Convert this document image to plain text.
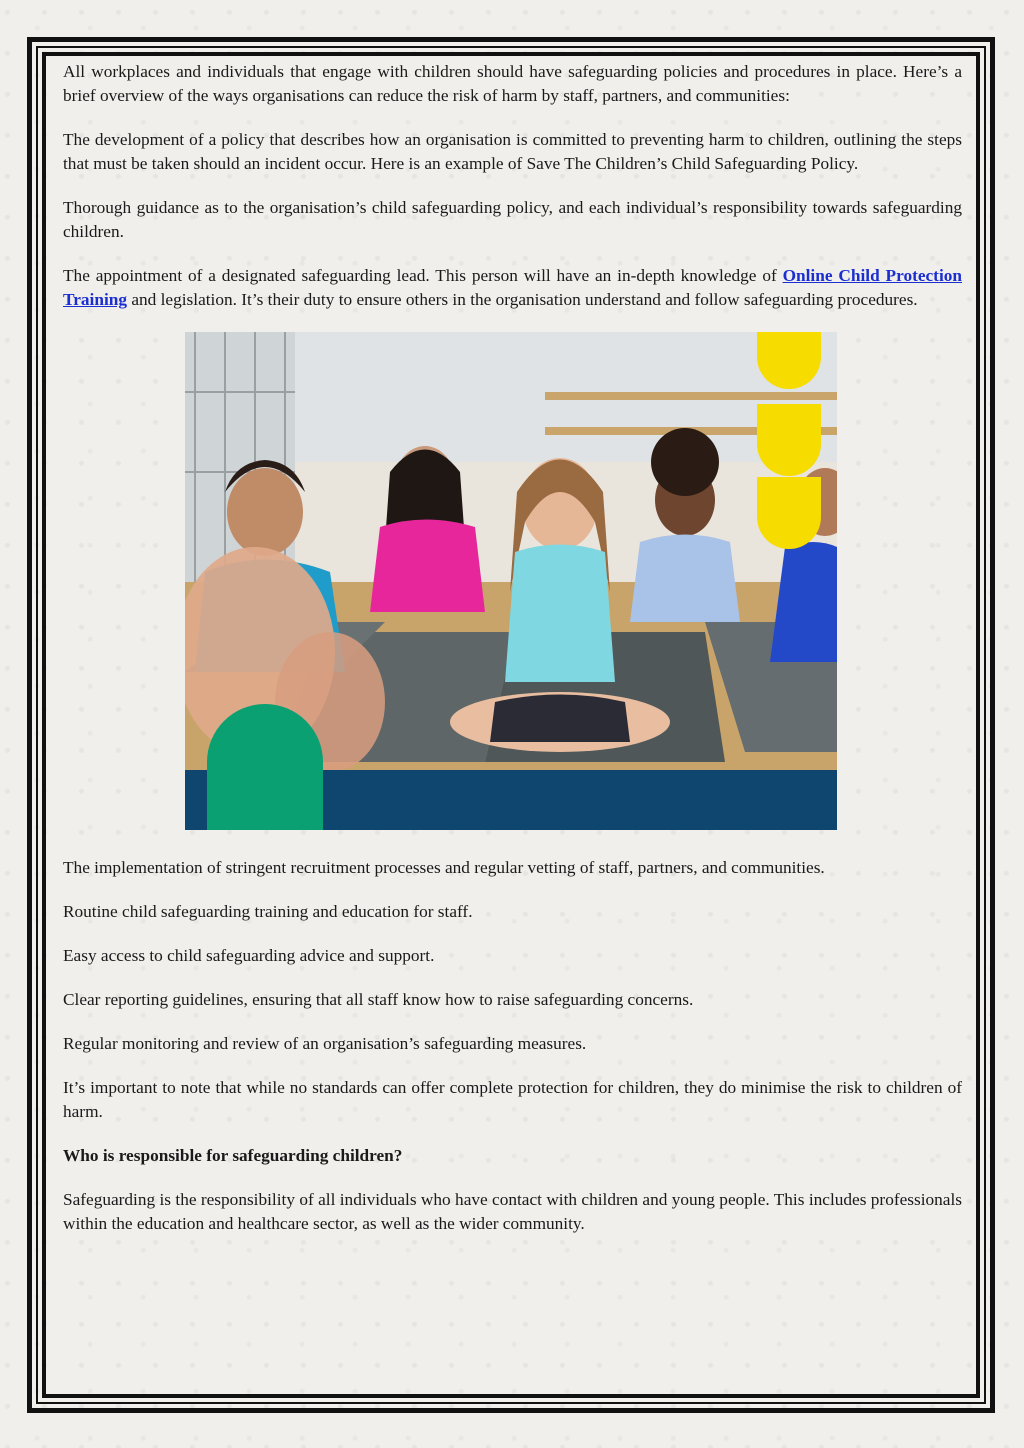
All workplaces and individuals that engage with children should have safeguarding policies and procedures in place. Here’s a brief overview of the ways organisations can reduce the risk of harm by staff, partners, and communities:

The development of a policy that describes how an organisation is committed to preventing harm to children, outlining the steps that must be taken should an incident occur. Here is an example of Save The Children’s Child Safeguarding Policy.

Thorough guidance as to the organisation’s child safeguarding policy, and each individual’s responsibility towards safeguarding children.

The appointment of a designated safeguarding lead. This person will have an in-depth knowledge of Online Child Protection Training and legislation. It’s their duty to ensure others in the organisation understand and follow safeguarding procedures.

The implementation of stringent recruitment processes and regular vetting of staff, partners, and communities.

Routine child safeguarding training and education for staff.

Easy access to child safeguarding advice and support.

Clear reporting guidelines, ensuring that all staff know how to raise safeguarding concerns.

Regular monitoring and review of an organisation’s safeguarding measures.

It’s important to note that while no standards can offer complete protection for children, they do minimise the risk to children of harm.

Who is responsible for safeguarding children?

Safeguarding is the responsibility of all individuals who have contact with children and young people. This includes professionals within the education and healthcare sector, as well as the wider community.
